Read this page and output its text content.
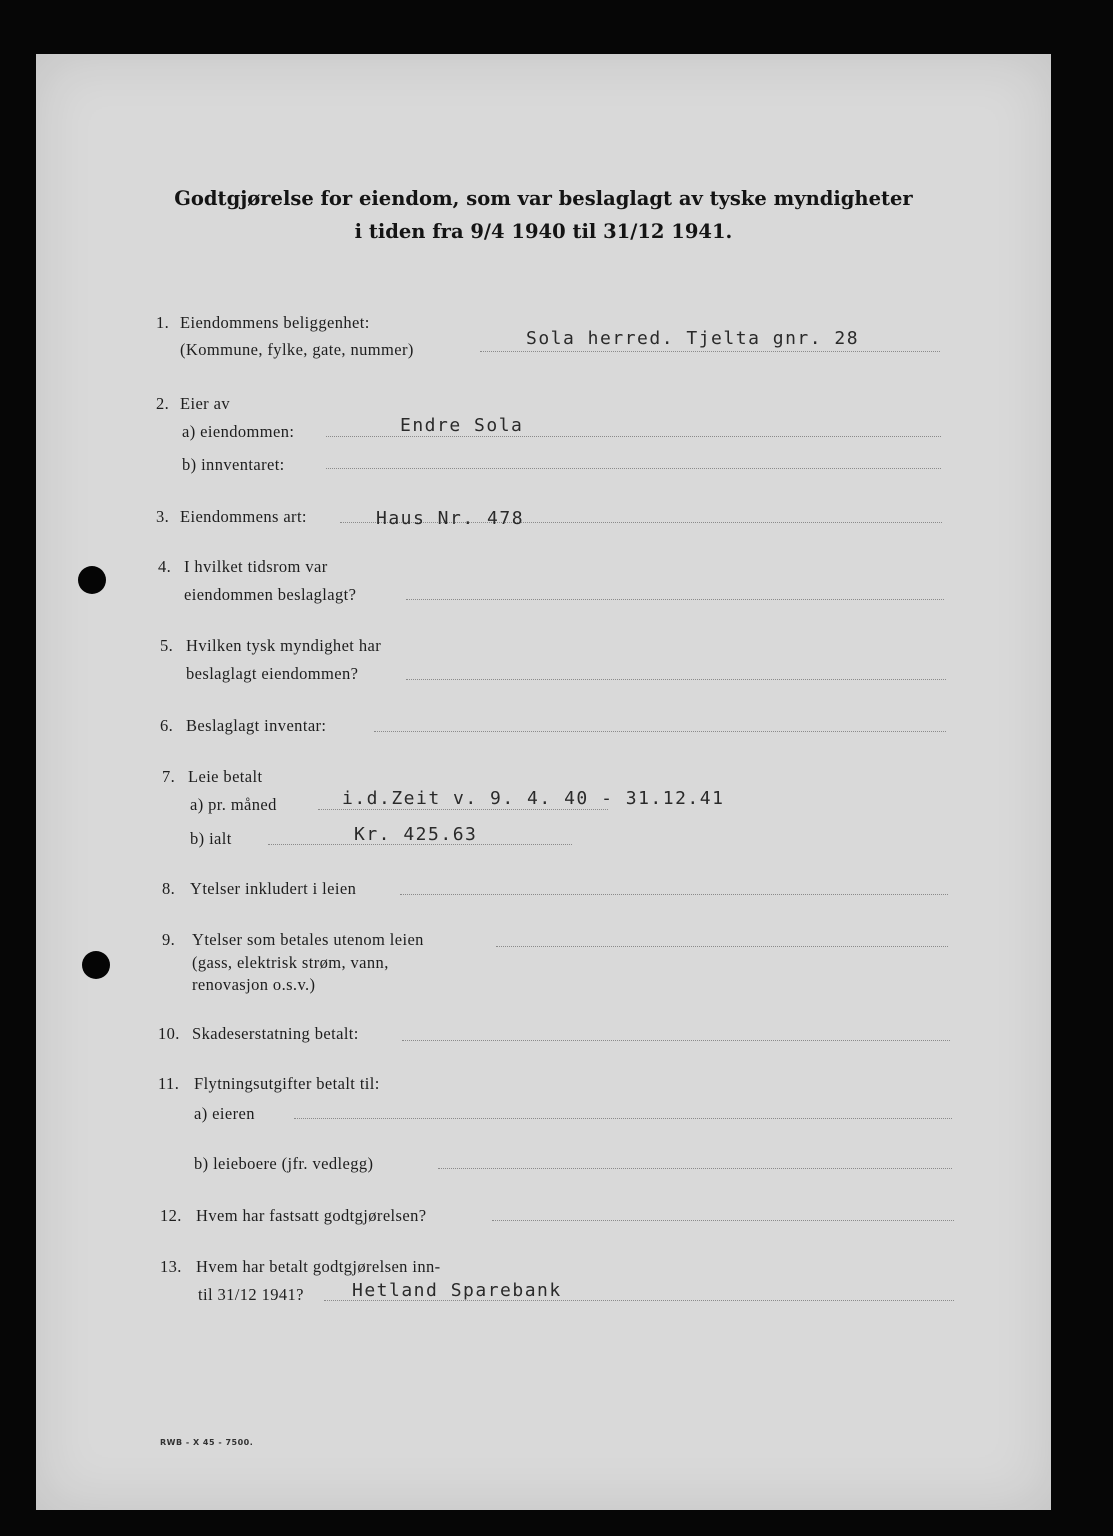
Godtgjørelse for eiendom, som var beslaglagt av tyske myndigheter
i tiden fra 9/4 1940 til 31/12 1941.
1. Eiendommens beliggenhet:
(Kommune, fylke, gate, nummer)
Sola herred. Tjelta gnr. 28
2. Eier av
a) eiendommen:	Endre Sola
b) innventaret:
3. Eiendommens art:	Haus Nr. 478
4. I hvilket tidsrom var
eiendommen beslaglagt?
5. Hvilken tysk myndighet har
beslaglagt eiendommen?
6. Beslaglagt inventar:
7. Leie betalt
a) pr. måned	i.d.Zeit v. 9. 4. 40 - 31.12.41
b) ialt	Kr. 425.63
8. Ytelser inkludert i leien
9. Ytelser som betales utenom leien
(gass, elektrisk strøm, vann,
renovasjon o.s.v.)
10. Skadeserstatning betalt:
11. Flytningsutgifter betalt til:
a) eieren
b) leieboere (jfr. vedlegg)
12. Hvem har fastsatt godtgjørelsen?
13. Hvem har betalt godtgjørelsen inn-
til 31/12 1941?	Hetland Sparebank
RWB - X 45 - 7500.
